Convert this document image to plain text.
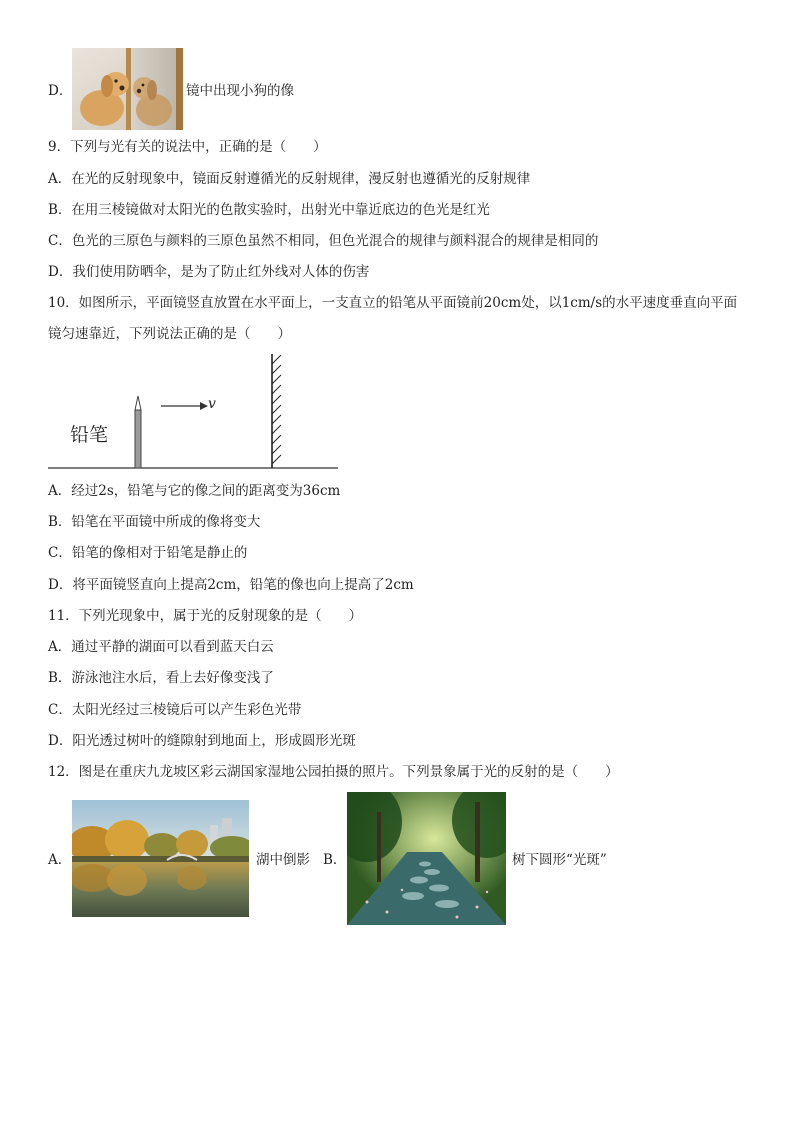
D．	镜中出现小狗的像
9．下列与光有关的说法中，正确的是（　　）
A．在光的反射现象中，镜面反射遵循光的反射规律，漫反射也遵循光的反射规律
B．在用三棱镜做对太阳光的色散实验时，出射光中靠近底边的色光是红光
C．色光的三原色与颜料的三原色虽然不相同，但色光混合的规律与颜料混合的规律是相同的
D．我们使用防晒伞，是为了防止红外线对人体的伤害
10．如图所示，平面镜竖直放置在水平面上，一支直立的铅笔从平面镜前20cm处，以1cm/s的水平速度垂直向平面镜匀速靠近，下列说法正确的是（　　）
铅笔
v
A．经过2s，铅笔与它的像之间的距离变为36cm
B．铅笔在平面镜中所成的像将变大
C．铅笔的像相对于铅笔是静止的
D．将平面镜竖直向上提高2cm，铅笔的像也向上提高了2cm
11．下列光现象中，属于光的反射现象的是（　　）
A．通过平静的湖面可以看到蓝天白云
B．游泳池注水后，看上去好像变浅了
C．太阳光经过三棱镜后可以产生彩色光带
D．阳光透过树叶的缝隙射到地面上，形成圆形光斑
12．图是在重庆九龙坡区彩云湖国家湿地公园拍摄的照片。下列景象属于光的反射的是（　　）
A．	湖中倒影 B．	树下圆形“光斑”
